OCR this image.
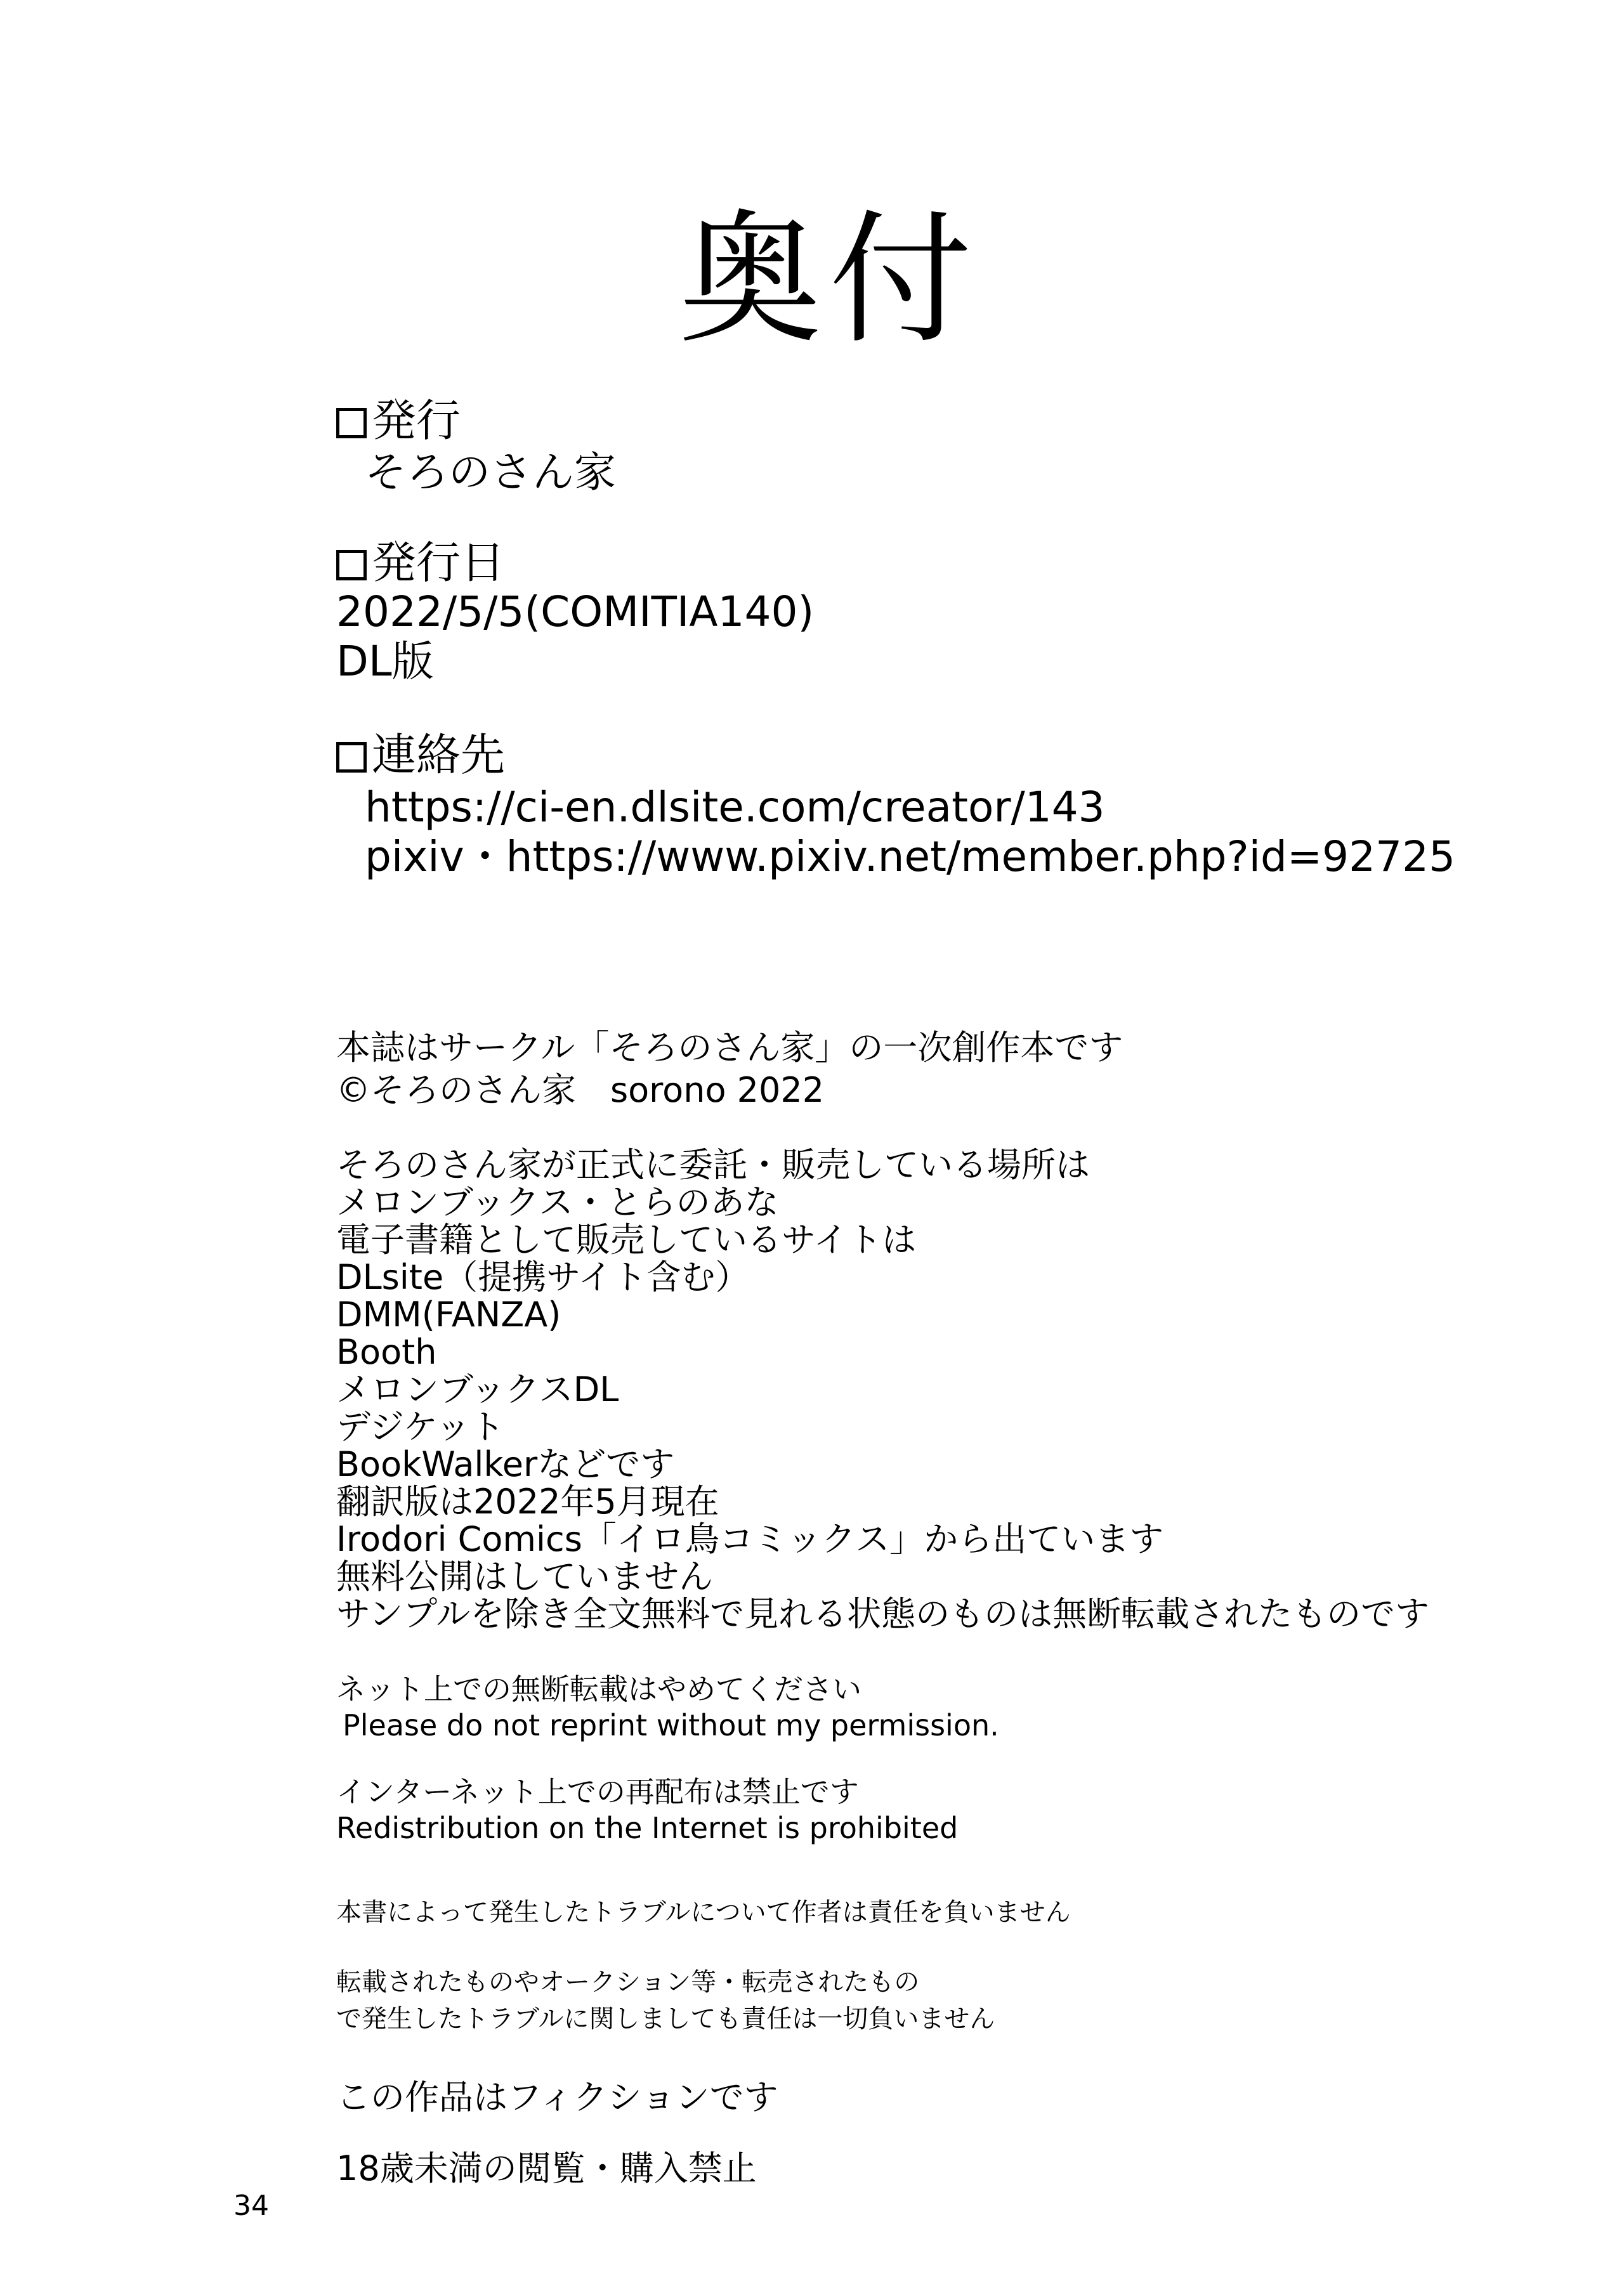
奥付
発行
そろのさん家
発行日
2022/5/5(COMITIA140)
DL版
連絡先
https://ci-en.dlsite.com/creator/143
pixiv・https://www.pixiv.net/member.php?id=92725
本誌はサークル「そろのさん家」の一次創作本です
©そろのさん家　sorono 2022
そろのさん家が正式に委託・販売している場所は
メロンブックス・とらのあな
電子書籍として販売しているサイトは
DLsite（提携サイト含む）
DMM(FANZA)
Booth
メロンブックスDL
デジケット
BookWalkerなどです
翻訳版は2022年5月現在
Irodori Comics「イロ鳥コミックス」から出ています
無料公開はしていません
サンプルを除き全文無料で見れる状態のものは無断転載されたものです
ネット上での無断転載はやめてください
Please do not reprint without my permission.
インターネット上での再配布は禁止です
Redistribution on the Internet is prohibited
本書によって発生したトラブルについて作者は責任を負いません
転載されたものやオークション等・転売されたもの
で発生したトラブルに関しましても責任は一切負いません
この作品はフィクションです
18歳未満の閲覧・購入禁止
34
